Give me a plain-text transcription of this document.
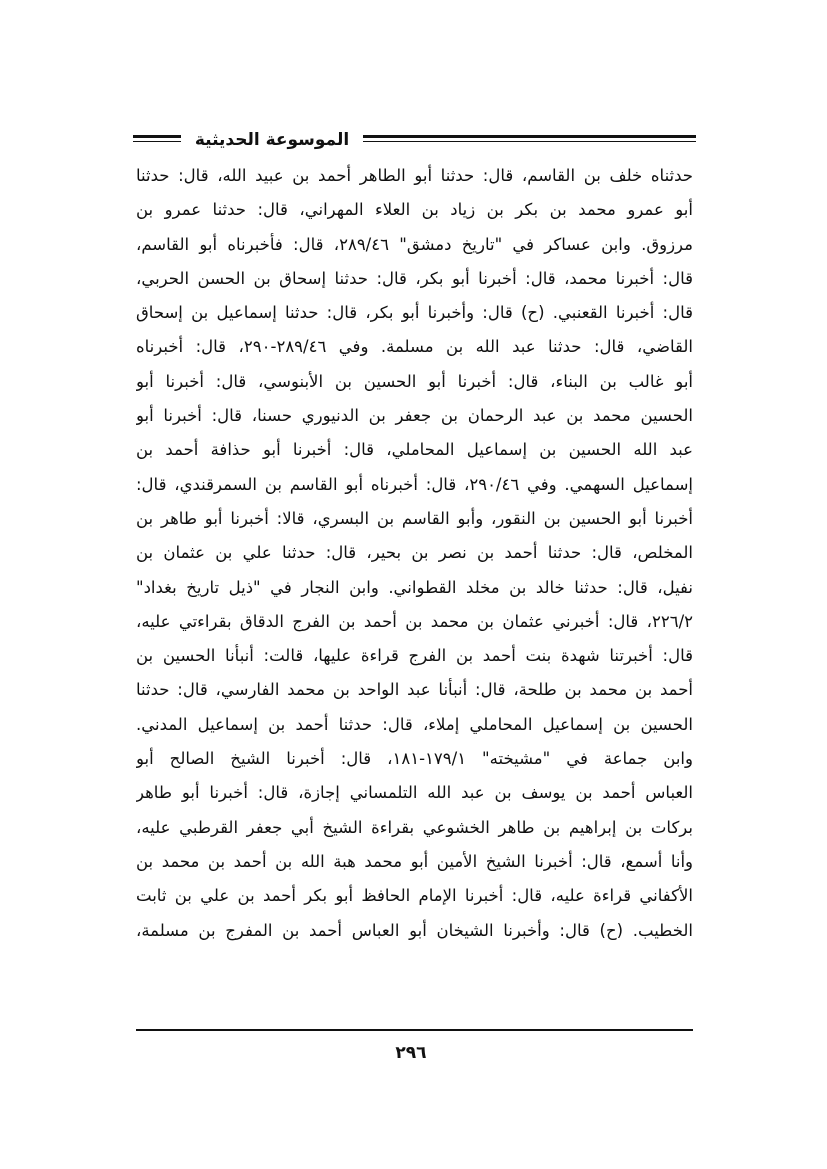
الموسوعة الحديثية
حدثناه خلف بن القاسم، قال: حدثنا أبو الطاهر أحمد بن عبيد الله، قال: حدثنا
أبو عمرو محمد بن بكر بن زياد بن العلاء المهراني، قال: حدثنا عمرو بن
مرزوق. وابن عساكر في "تاريخ دمشق" ٢٨٩/٤٦، قال: فأخبرناه أبو القاسم،
قال: أخبرنا محمد، قال: أخبرنا أبو بكر، قال: حدثنا إسحاق بن الحسن الحربي،
قال: أخبرنا القعنبي. (ح) قال: وأخبرنا أبو بكر، قال: حدثنا إسماعيل بن إسحاق
القاضي، قال: حدثنا عبد الله بن مسلمة. وفي ٢٨٩/٤٦-٢٩٠، قال: أخبرناه
أبو غالب بن البناء، قال: أخبرنا أبو الحسين بن الأبنوسي، قال: أخبرنا أبو
الحسين محمد بن عبد الرحمان بن جعفر بن الدنيوري حسنا، قال: أخبرنا أبو
عبد الله الحسين بن إسماعيل المحاملي، قال: أخبرنا أبو حذافة أحمد بن
إسماعيل السهمي. وفي ٢٩٠/٤٦، قال: أخبرناه أبو القاسم بن السمرقندي، قال:
أخبرنا أبو الحسين بن النقور، وأبو القاسم بن البسري، قالا: أخبرنا أبو طاهر بن
المخلص، قال: حدثنا أحمد بن نصر بن بحير، قال: حدثنا علي بن عثمان بن
نفيل، قال: حدثنا خالد بن مخلد القطواني. وابن النجار في "ذيل تاريخ بغداد"
٢٢٦/٢، قال: أخبرني عثمان بن محمد بن أحمد بن الفرج الدقاق بقراءتي عليه،
قال: أخبرتنا شهدة بنت أحمد بن الفرج قراءة عليها، قالت: أنبأنا الحسين بن
أحمد بن محمد بن طلحة، قال: أنبأنا عبد الواحد بن محمد الفارسي، قال: حدثنا
الحسين بن إسماعيل المحاملي إملاء، قال: حدثنا أحمد بن إسماعيل المدني.
وابن جماعة في "مشيخته" ١٧٩/١-١٨١، قال: أخبرنا الشيخ الصالح أبو
العباس أحمد بن يوسف بن عبد الله التلمساني إجازة، قال: أخبرنا أبو طاهر
بركات بن إبراهيم بن طاهر الخشوعي بقراءة الشيخ أبي جعفر القرطبي عليه،
وأنا أسمع، قال: أخبرنا الشيخ الأمين أبو محمد هبة الله بن أحمد بن محمد بن
الأكفاني قراءة عليه، قال: أخبرنا الإمام الحافظ أبو بكر أحمد بن علي بن ثابت
الخطيب. (ح) قال: وأخبرنا الشيخان أبو العباس أحمد بن المفرج بن مسلمة،
٢٩٦
